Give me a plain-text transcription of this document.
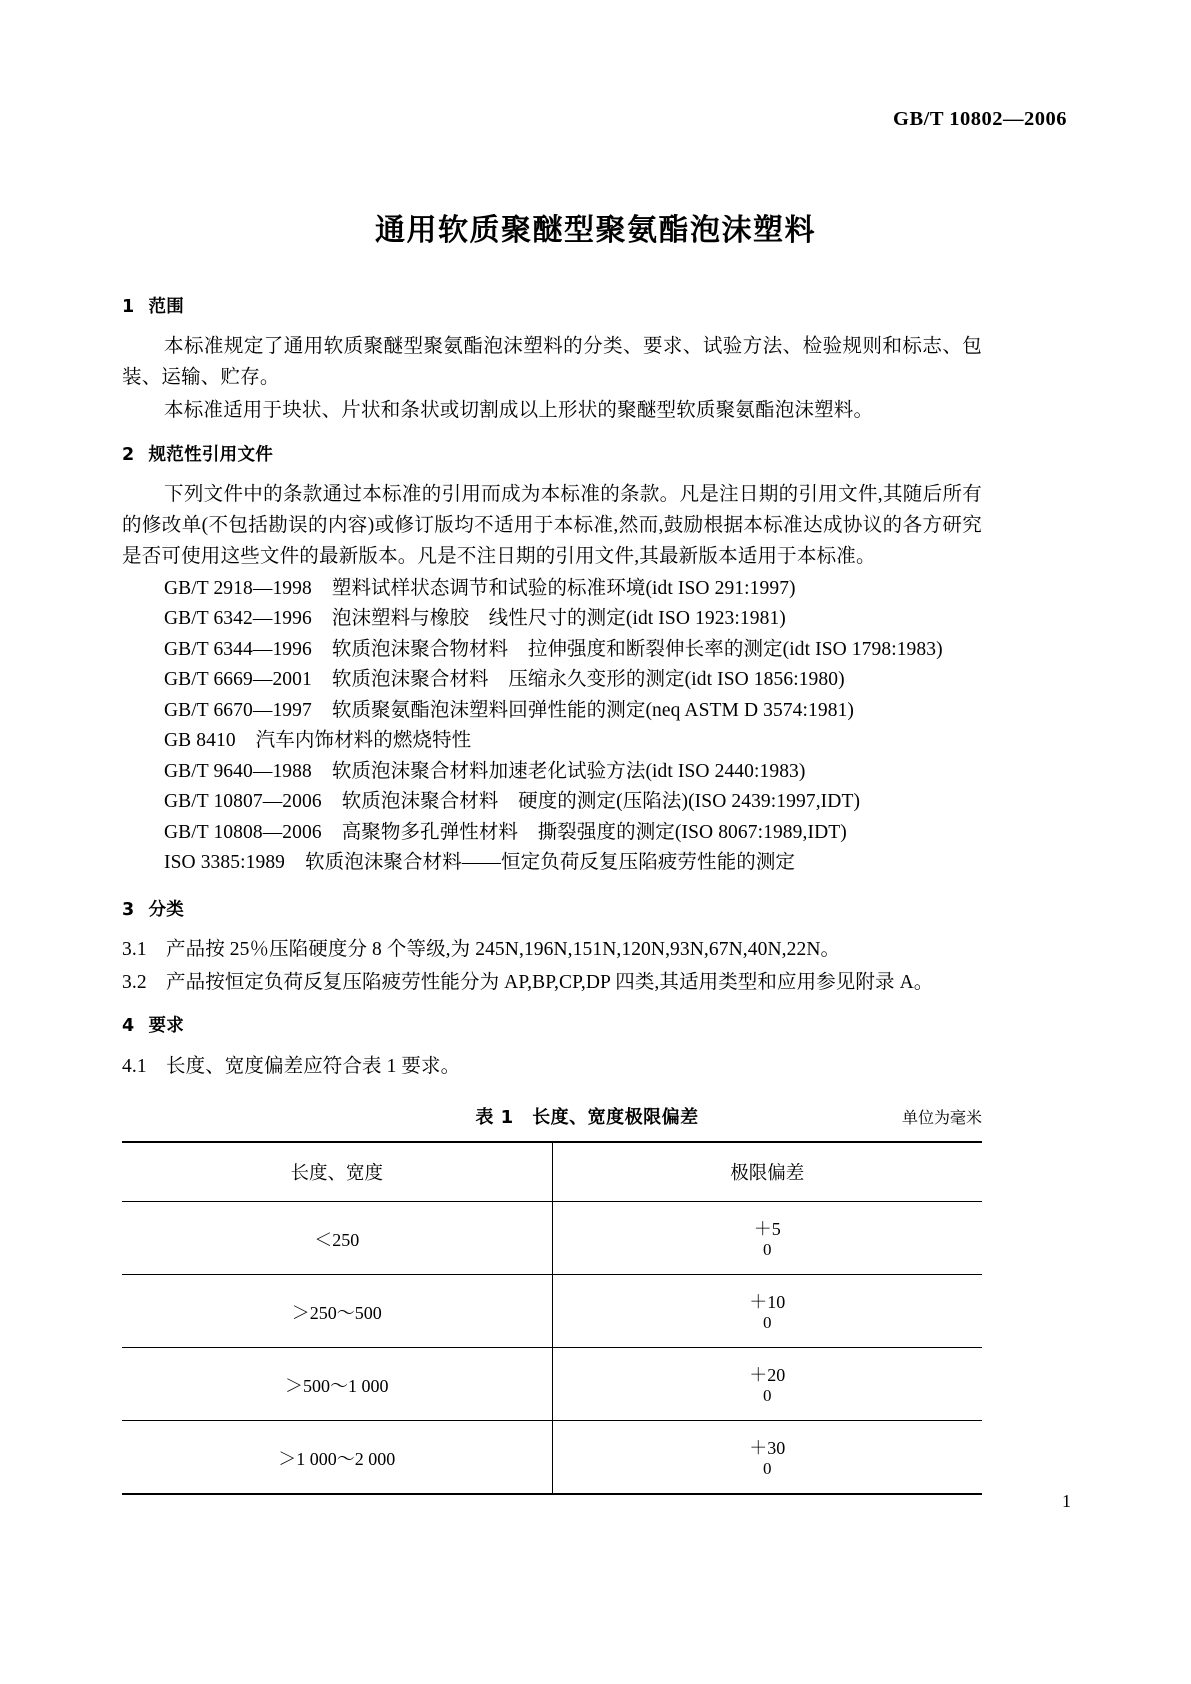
GB/T 10802—2006
通用软质聚醚型聚氨酯泡沫塑料
1 范围

本标准规定了通用软质聚醚型聚氨酯泡沫塑料的分类、要求、试验方法、检验规则和标志、包装、运输、贮存。

本标准适用于块状、片状和条状或切割成以上形状的聚醚型软质聚氨酯泡沫塑料。

2 规范性引用文件

下列文件中的条款通过本标准的引用而成为本标准的条款。凡是注日期的引用文件,其随后所有的修改单(不包括勘误的内容)或修订版均不适用于本标准,然而,鼓励根据本标准达成协议的各方研究是否可使用这些文件的最新版本。凡是不注日期的引用文件,其最新版本适用于本标准。

GB/T 2918—1998 塑料试样状态调节和试验的标准环境(idt ISO 291:1997)
GB/T 6342—1996 泡沫塑料与橡胶　线性尺寸的测定(idt ISO 1923:1981)
GB/T 6344—1996 软质泡沫聚合物材料　拉伸强度和断裂伸长率的测定(idt ISO 1798:1983)
GB/T 6669—2001 软质泡沫聚合材料　压缩永久变形的测定(idt ISO 1856:1980)
GB/T 6670—1997 软质聚氨酯泡沫塑料回弹性能的测定(neq ASTM D 3574:1981)
GB 8410 汽车内饰材料的燃烧特性
GB/T 9640—1988 软质泡沫聚合材料加速老化试验方法(idt ISO 2440:1983)
GB/T 10807—2006 软质泡沫聚合材料　硬度的测定(压陷法)(ISO 2439:1997,IDT)
GB/T 10808—2006 高聚物多孔弹性材料　撕裂强度的测定(ISO 8067:1989,IDT)
ISO 3385:1989 软质泡沫聚合材料——恒定负荷反复压陷疲劳性能的测定
3 分类

3.1 产品按 25％压陷硬度分 8 个等级,为 245N,196N,151N,120N,93N,67N,40N,22N。

3.2 产品按恒定负荷反复压陷疲劳性能分为 AP,BP,CP,DP 四类,其适用类型和应用参见附录 A。

4 要求

4.1 长度、宽度偏差应符合表 1 要求。

表 1　长度、宽度极限偏差	单位为毫米
长度、宽度	极限偏差
＜250	＋5
0

＞250～500	＋10
0

＞500～1 000	＋20
0

＞1 000～2 000	＋30
0
1
